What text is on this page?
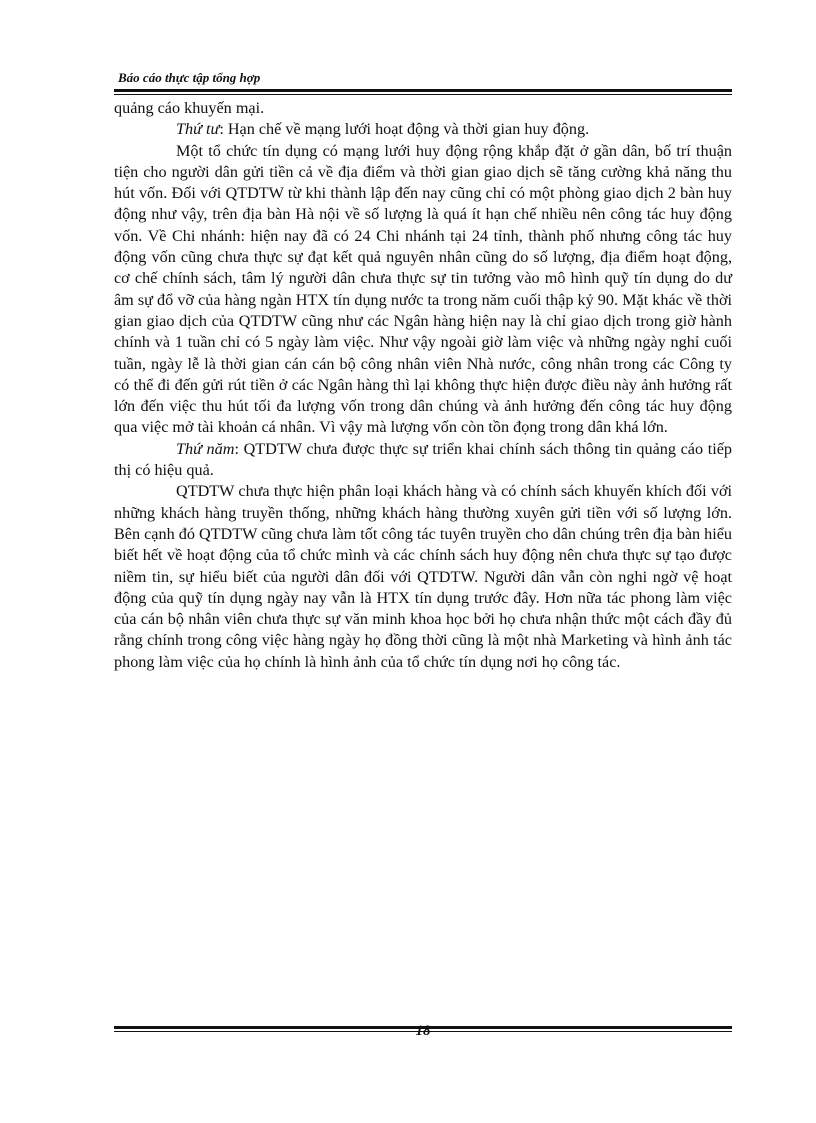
Báo cáo thực tập tổng hợp

quảng cáo khuyến mại.

Thứ tư: Hạn chế về mạng lưới hoạt động và thời gian huy động.

Một tổ chức tín dụng có mạng lưới huy động rộng khắp đặt ở gần dân, bố trí thuận tiện cho người dân gửi tiền cả về địa điểm và thời gian giao dịch sẽ tăng cường khả năng thu hút vốn. Đối với QTDTW từ khi thành lập đến nay cũng chỉ có một phòng giao dịch 2 bàn huy động như vậy, trên địa bàn Hà nội về số lượng là quá ít hạn chế nhiều nên công tác huy động vốn. Về Chi nhánh: hiện nay đã có 24 Chi nhánh tại 24 tỉnh, thành phố nhưng công tác huy động vốn cũng chưa thực sự đạt kết quả nguyên nhân cũng do số lượng, địa điểm hoạt động, cơ chế chính sách, tâm lý người dân chưa thực sự tin tưởng vào mô hình quỹ tín dụng do dư âm sự đổ vỡ của hàng ngàn HTX tín dụng nước ta trong năm cuối thập kỷ 90. Mặt khác về thời gian giao dịch của QTDTW cũng như các Ngân hàng hiện nay là chỉ giao dịch trong giờ hành chính và 1 tuần chỉ có 5 ngày làm việc. Như vậy ngoài giờ làm việc và những ngày nghỉ cuối tuần, ngày lễ là thời gian cán cán bộ công nhân viên Nhà nước, công nhân trong các Công ty có thể đi đến gửi rút tiền ở các Ngân hàng thì lại không thực hiện được điều này ảnh hưởng rất lớn đến việc thu hút tối đa lượng vốn trong dân chúng và ảnh hưởng đến công tác huy động qua việc mở tài khoản cá nhân. Vì vậy mà lượng vốn còn tồn đọng trong dân khá lớn.

Thứ năm: QTDTW chưa được thực sự triển khai chính sách thông tin quảng cáo tiếp thị có hiệu quả.

QTDTW chưa thực hiện phân loại khách hàng và có chính sách khuyến khích đối với những khách hàng truyền thống, những khách hàng thường xuyên gửi tiền với số lượng lớn. Bên cạnh đó QTDTW cũng chưa làm tốt công tác tuyên truyền cho dân chúng trên địa bàn hiểu biết hết về hoạt động của tổ chức mình và các chính sách huy động nên chưa thực sự tạo được niềm tin, sự hiểu biết của người dân đối với QTDTW. Người dân vẫn còn nghi ngờ vệ hoạt động của quỹ tín dụng ngày nay vẫn là HTX tín dụng trước đây. Hơn nữa tác phong làm việc của cán bộ nhân viên chưa thực sự văn minh khoa học bởi họ chưa nhận thức một cách đầy đủ rằng chính trong công việc hàng ngày họ đồng thời cũng là một nhà Marketing và hình ảnh tác phong làm việc của họ chính là hình ảnh của tổ chức tín dụng nơi họ công tác.

18
